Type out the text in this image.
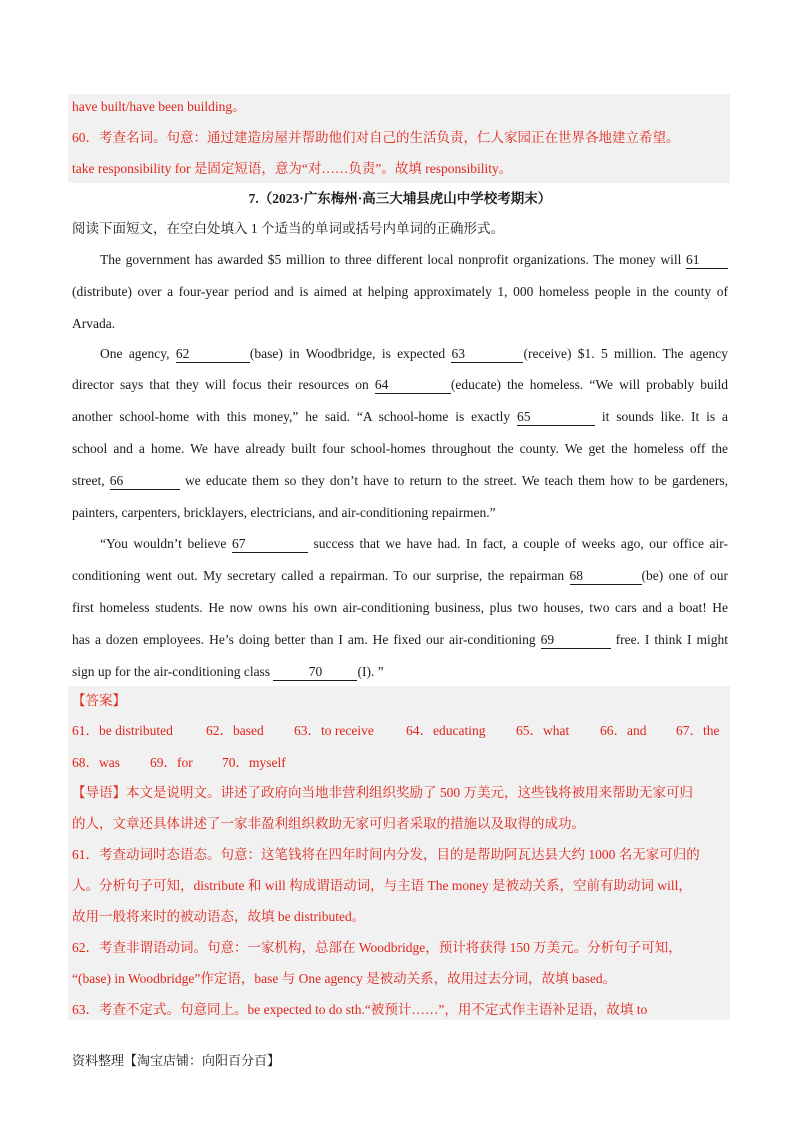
have built/have been building。
60．考查名词。句意：通过建造房屋并帮助他们对自己的生活负责，仁人家园正在世界各地建立希望。
take responsibility for 是固定短语，意为“对……负责”。故填 responsibility。
7.（2023·广东梅州·高三大埔县虎山中学校考期末）
阅读下面短文，在空白处填入 1 个适当的单词或括号内单词的正确形式。
The government has awarded $5 million to three different local nonprofit organizations. The money will 61
(distribute) over a four-year period and is aimed at helping approximately 1, 000 homeless people in the county of
Arvada.
One agency, 62	(base) in Woodbridge, is expected 63	(receive) $1. 5 million. The agency
director says that they will focus their resources on 64	(educate) the homeless. “We will probably build
another school-home with this money,” he said. “A school-home is exactly 65	it sounds like. It is a
school and a home. We have already built four school-homes throughout the county. We get the homeless off the
street, 66	we educate them so they don’t have to return to the street. We teach them how to be gardeners,
painters, carpenters, bricklayers, electricians, and air-conditioning repairmen.”
“You wouldn’t believe 67	success that we have had. In fact, a couple of weeks ago, our office air-
conditioning went out. My secretary called a repairman. To our surprise, the repairman 68	(be) one of our
first homeless students. He now owns his own air-conditioning business, plus two houses, two cars and a boat! He
has a dozen employees. He’s doing better than I am. He fixed our air-conditioning 69	free. I think I might
sign up for the air-conditioning class	70	(I). ”
【答案】
61．be distributed 62．based 63．to receive 64．educating 65．what 66．and 67．the
68．was 69．for 70．myself
【导语】本文是说明文。讲述了政府向当地非营利组织奖励了 500 万美元，这些钱将被用来帮助无家可归
的人，文章还具体讲述了一家非盈利组织救助无家可归者采取的措施以及取得的成功。
61．考查动词时态语态。句意：这笔钱将在四年时间内分发，目的是帮助阿瓦达县大约 1000 名无家可归的
人。分析句子可知，distribute 和 will 构成谓语动词，与主语 The money 是被动关系，空前有助动词 will，
故用一般将来时的被动语态，故填 be distributed。
62．考查非谓语动词。句意：一家机构，总部在 Woodbridge，预计将获得 150 万美元。分析句子可知，
“(base) in Woodbridge”作定语，base 与 One agency 是被动关系，故用过去分词，故填 based。
63．考查不定式。句意同上。be expected to do sth.“被预计……”，用不定式作主语补足语，故填 to
资料整理【淘宝店铺：向阳百分百】
